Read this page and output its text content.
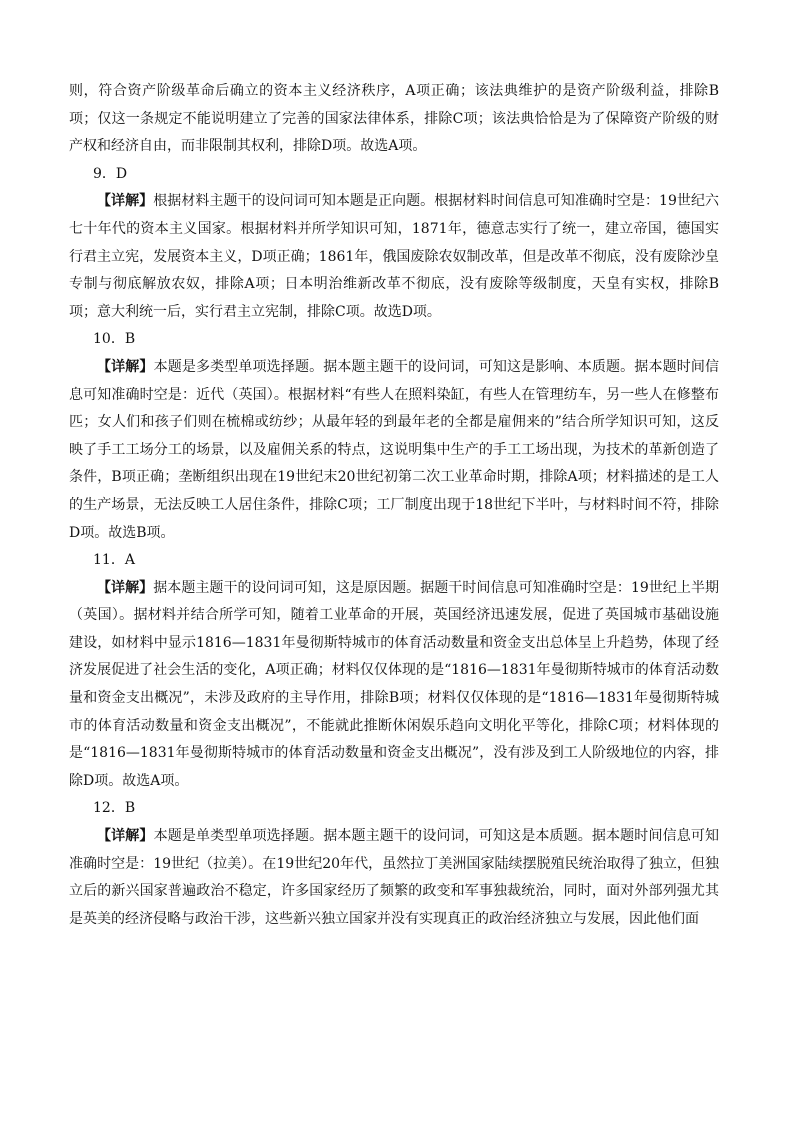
则，符合资产阶级革命后确立的资本主义经济秩序，A项正确；该法典维护的是资产阶级利益，排除B项；仅这一条规定不能说明建立了完善的国家法律体系，排除C项；该法典恰恰是为了保障资产阶级的财产权和经济自由，而非限制其权利，排除D项。故选A项。

9．D

【详解】根据材料主题干的设问词可知本题是正向题。根据材料时间信息可知准确时空是：19世纪六七十年代的资本主义国家。根据材料并所学知识可知，1871年，德意志实行了统一，建立帝国，德国实行君主立宪，发展资本主义，D项正确；1861年，俄国废除农奴制改革，但是改革不彻底，没有废除沙皇专制与彻底解放农奴，排除A项；日本明治维新改革不彻底，没有废除等级制度，天皇有实权，排除B项；意大利统一后，实行君主立宪制，排除C项。故选D项。

10．B

【详解】本题是多类型单项选择题。据本题主题干的设问词，可知这是影响、本质题。据本题时间信息可知准确时空是：近代（英国）。根据材料“有些人在照料染缸，有些人在管理纺车，另一些人在修整布匹；女人们和孩子们则在梳棉或纺纱；从最年轻的到最年老的全都是雇佣来的”结合所学知识可知，这反映了手工工场分工的场景，以及雇佣关系的特点，这说明集中生产的手工工场出现，为技术的革新创造了条件，B项正确；垄断组织出现在19世纪末20世纪初第二次工业革命时期，排除A项；材料描述的是工人的生产场景，无法反映工人居住条件，排除C项；工厂制度出现于18世纪下半叶，与材料时间不符，排除D项。故选B项。

11．A

【详解】据本题主题干的设问词可知，这是原因题。据题干时间信息可知准确时空是：19世纪上半期（英国）。据材料并结合所学可知，随着工业革命的开展，英国经济迅速发展，促进了英国城市基础设施建设，如材料中显示1816—1831年曼彻斯特城市的体育活动数量和资金支出总体呈上升趋势，体现了经济发展促进了社会生活的变化，A项正确；材料仅仅体现的是“1816—1831年曼彻斯特城市的体育活动数量和资金支出概况”，未涉及政府的主导作用，排除B项；材料仅仅体现的是“1816—1831年曼彻斯特城市的体育活动数量和资金支出概况”，不能就此推断休闲娱乐趋向文明化平等化，排除C项；材料体现的是“1816—1831年曼彻斯特城市的体育活动数量和资金支出概况”，没有涉及到工人阶级地位的内容，排除D项。故选A项。

12．B

【详解】本题是单类型单项选择题。据本题主题干的设问词，可知这是本质题。据本题时间信息可知准确时空是：19世纪（拉美）。在19世纪20年代，虽然拉丁美洲国家陆续摆脱殖民统治取得了独立，但独立后的新兴国家普遍政治不稳定，许多国家经历了频繁的政变和军事独裁统治，同时，面对外部列强尤其是英美的经济侵略与政治干涉，这些新兴独立国家并没有实现真正的政治经济独立与发展，因此他们面
